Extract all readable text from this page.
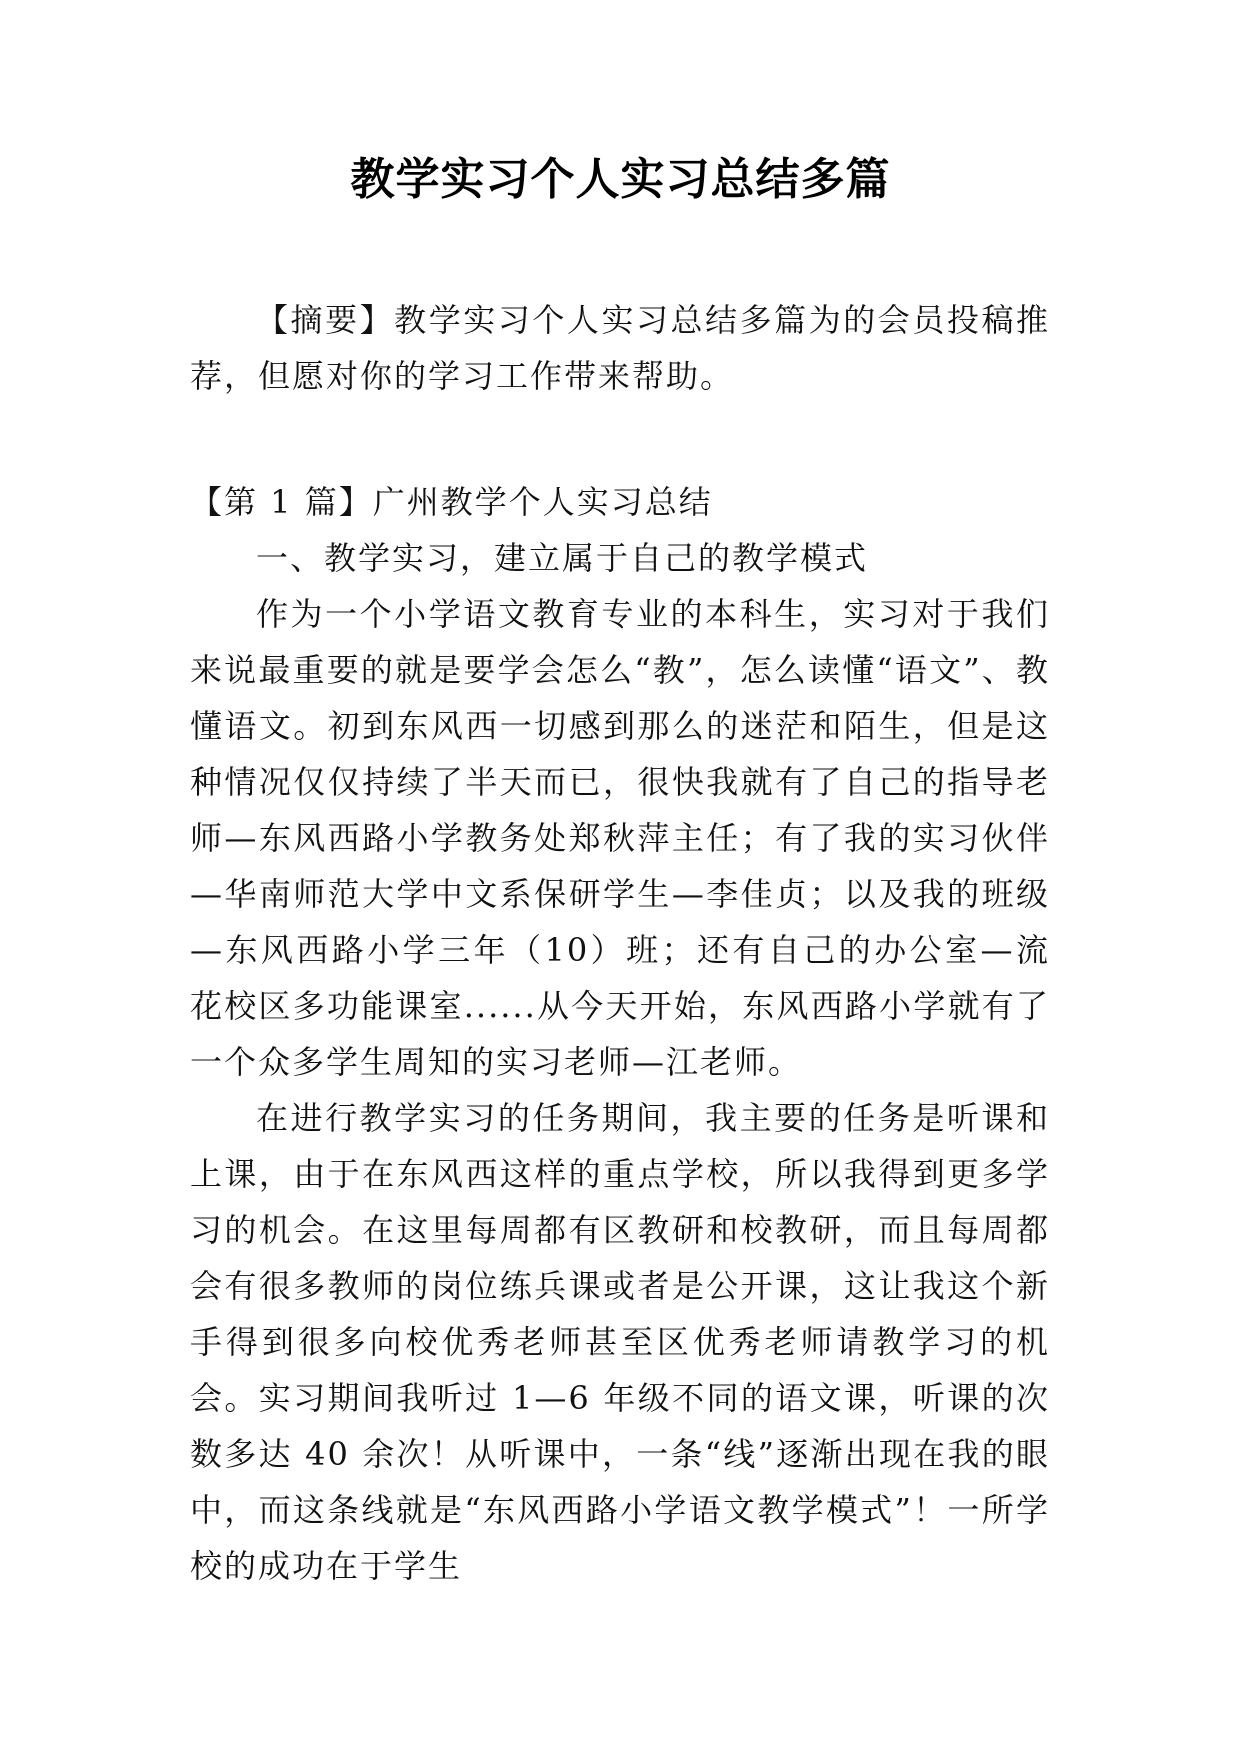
教学实习个人实习总结多篇

【摘要】教学实习个人实习总结多篇为的会员投稿推荐，但愿对你的学习工作带来帮助。

【第 1 篇】广州教学个人实习总结

一、教学实习，建立属于自己的教学模式

作为一个小学语文教育专业的本科生，实习对于我们来说最重要的就是要学会怎么“教”，怎么读懂“语文”、教懂语文。初到东风西一切感到那么的迷茫和陌生，但是这种情况仅仅持续了半天而已，很快我就有了自己的指导老师—东风西路小学教务处郑秋萍主任；有了我的实习伙伴—华南师范大学中文系保研学生—李佳贞；以及我的班级—东风西路小学三年（10）班；还有自己的办公室—流花校区多功能课室......从今天开始，东风西路小学就有了一个众多学生周知的实习老师—江老师。

在进行教学实习的任务期间，我主要的任务是听课和上课，由于在东风西这样的重点学校，所以我得到更多学习的机会。在这里每周都有区教研和校教研，而且每周都会有很多教师的岗位练兵课或者是公开课，这让我这个新手得到很多向校优秀老师甚至区优秀老师请教学习的机会。实习期间我听过 1—6 年级不同的语文课，听课的次数多达 40 余次！从听课中，一条“线”逐渐出现在我的眼中，而这条线就是“东风西路小学语文教学模式”！一所学校的成功在于学生
